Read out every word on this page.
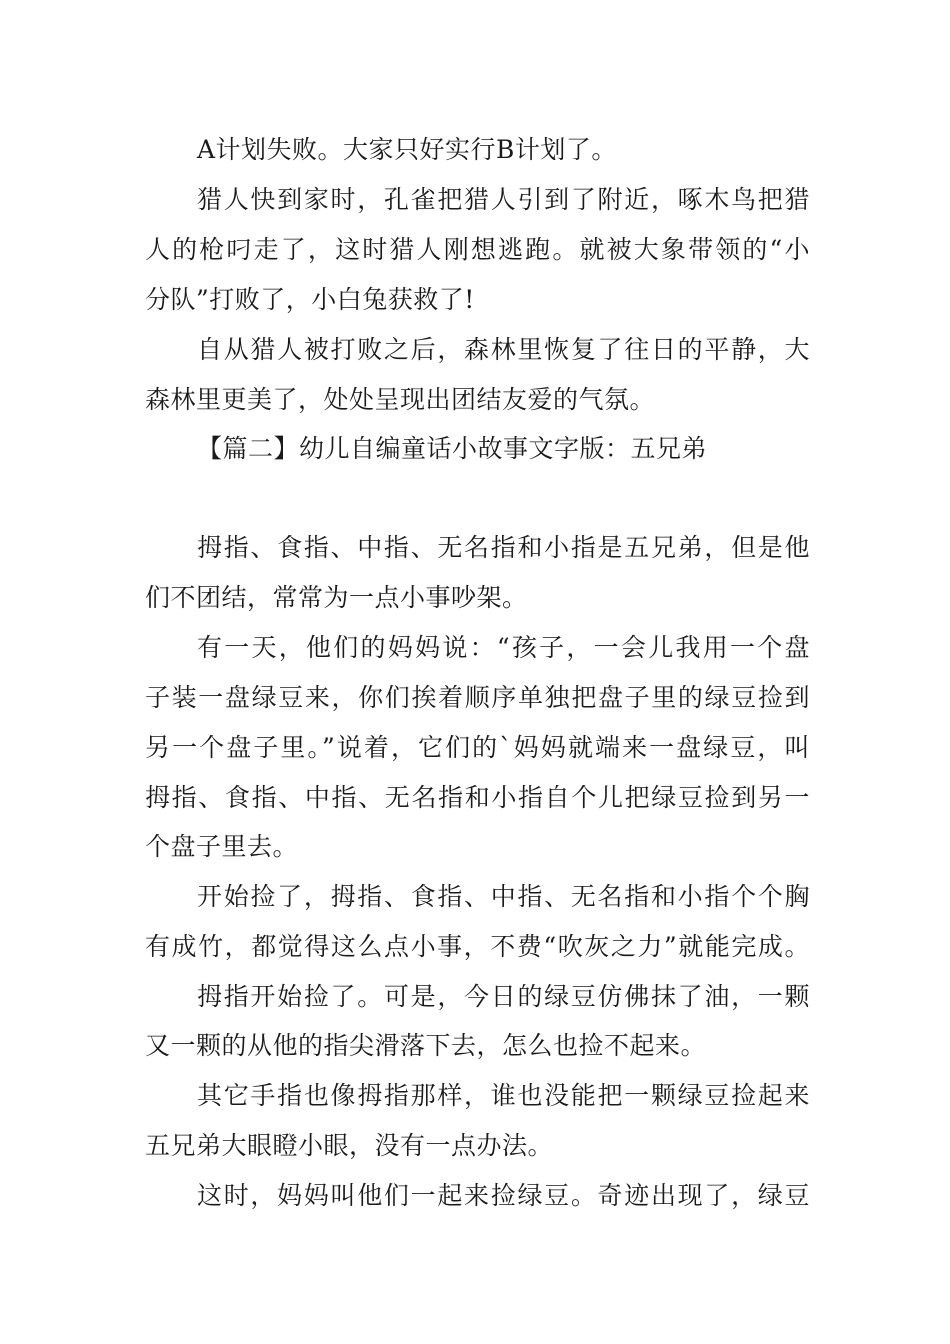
A计划失败。大家只好实行B计划了。
猎人快到家时，孔雀把猎人引到了附近，啄木鸟把猎
人的枪叼走了，这时猎人刚想逃跑。就被大象带领的“小
分队”打败了，小白兔获救了!
自从猎人被打败之后，森林里恢复了往日的平静，大
森林里更美了，处处呈现出团结友爱的气氛。
【篇二】幼儿自编童话小故事文字版：五兄弟
拇指、食指、中指、无名指和小指是五兄弟，但是他
们不团结，常常为一点小事吵架。
有一天，他们的妈妈说：“孩子，一会儿我用一个盘
子装一盘绿豆来，你们挨着顺序单独把盘子里的绿豆捡到
另一个盘子里。”说着，它们的`妈妈就端来一盘绿豆，叫
拇指、食指、中指、无名指和小指自个儿把绿豆捡到另一
个盘子里去。
开始捡了，拇指、食指、中指、无名指和小指个个胸
有成竹，都觉得这么点小事，不费“吹灰之力”就能完成。
拇指开始捡了。可是，今日的绿豆仿佛抹了油，一颗
又一颗的从他的指尖滑落下去，怎么也捡不起来。
其它手指也像拇指那样，谁也没能把一颗绿豆捡起来
五兄弟大眼瞪小眼，没有一点办法。
这时，妈妈叫他们一起来捡绿豆。奇迹出现了，绿豆
